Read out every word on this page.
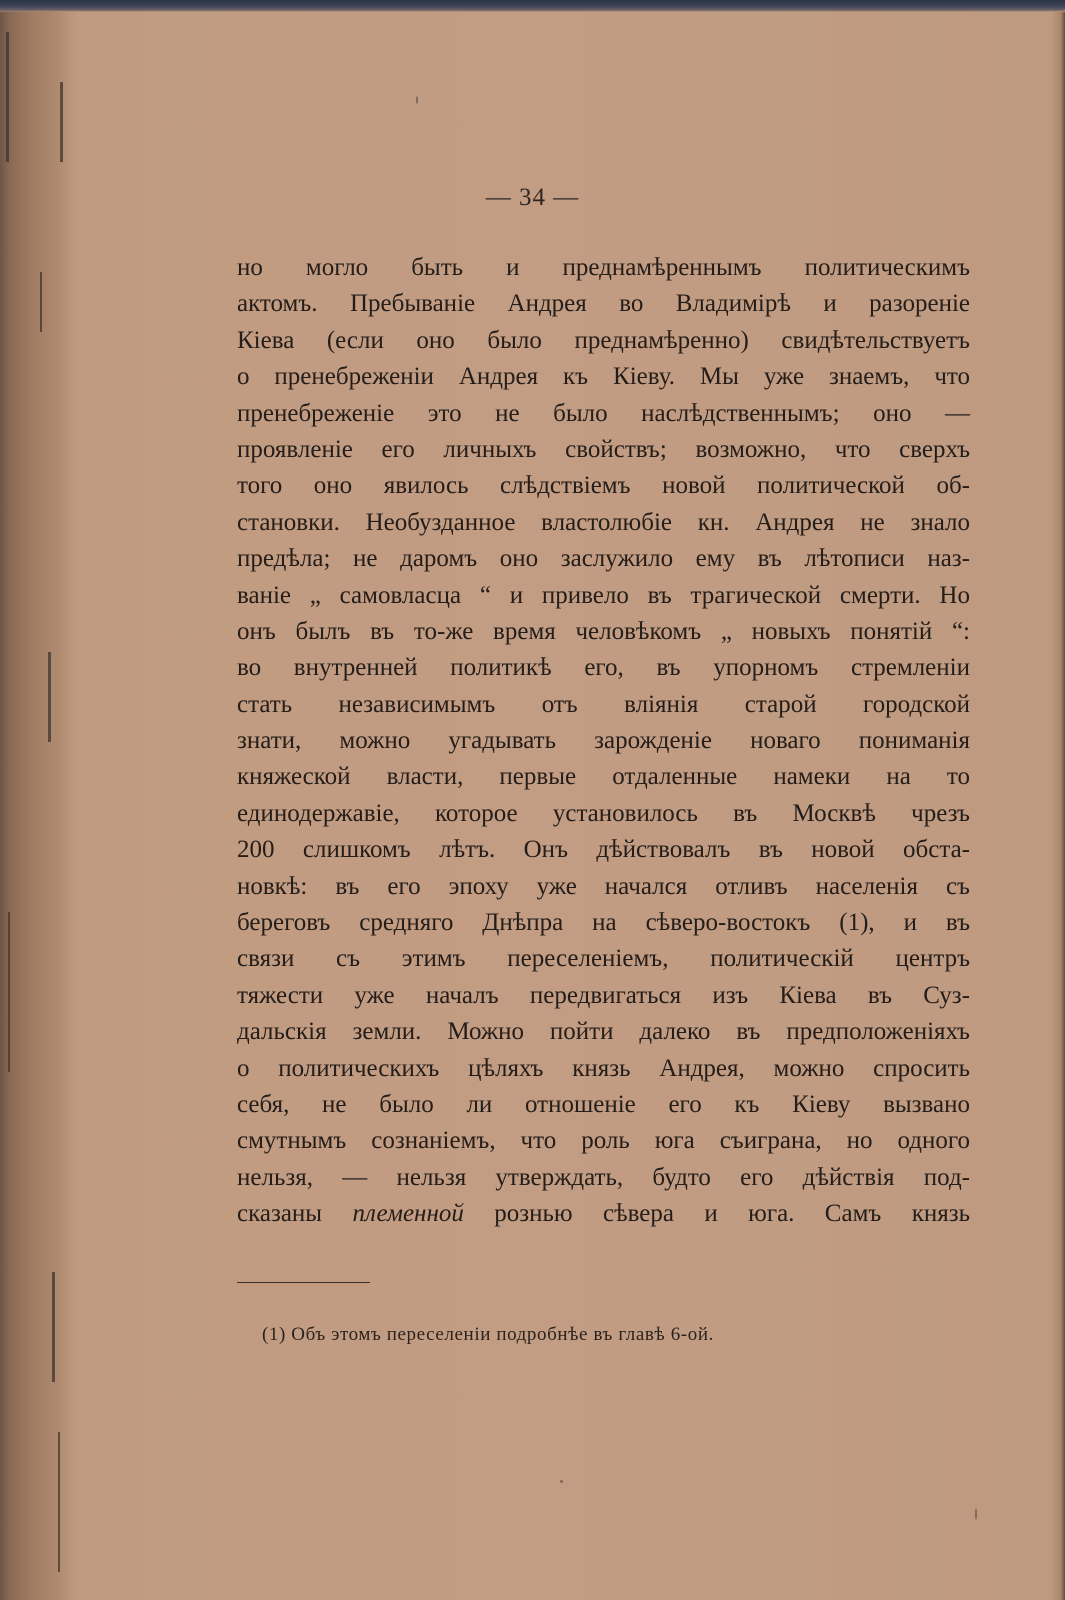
— 34 —
но могло быть и преднамѣреннымъ политическимъ
актомъ. Пребываніе Андрея во Владимірѣ и разореніе
Кіева (если оно было преднамѣренно) свидѣтельствуетъ
о пренебреженіи Андрея къ Кіеву. Мы уже знаемъ, что
пренебреженіе это не было наслѣдственнымъ; оно —
проявленіе его личныхъ свойствъ; возможно, что сверхъ
того оно явилось слѣдствіемъ новой политической об-
становки. Необузданное властолюбіе кн. Андрея не знало
предѣла; не даромъ оно заслужило ему въ лѣтописи наз-
ваніе „ самовласца “ и привело въ трагической смерти. Но
онъ былъ въ то-же время человѣкомъ „ новыхъ понятій “:
во внутренней политикѣ его, въ упорномъ стремленіи
стать независимымъ отъ вліянія старой городской
знати, можно угадывать зарожденіе новаго пониманія
княжеской власти, первые отдаленные намеки на то
единодержавіе, которое установилось въ Москвѣ чрезъ
200 слишкомъ лѣтъ. Онъ дѣйствовалъ въ новой обста-
новкѣ: въ его эпоху уже начался отливъ населенія съ
береговъ средняго Днѣпра на сѣверо-востокъ (1), и въ
связи съ этимъ переселеніемъ, политическій центръ
тяжести уже началъ передвигаться изъ Кіева въ Суз-
дальскія земли. Можно пойти далеко въ предположеніяхъ
о политическихъ цѣляхъ князь Андрея, можно спросить
себя, не было ли отношеніе его къ Кіеву вызвано
смутнымъ сознаніемъ, что роль юга съиграна, но одного
нельзя, — нельзя утверждать, будто его дѣйствія под-
сказаны племенной рознью сѣвера и юга. Самъ князь
(1) Объ этомъ переселеніи подробнѣе въ главѣ 6-ой.
